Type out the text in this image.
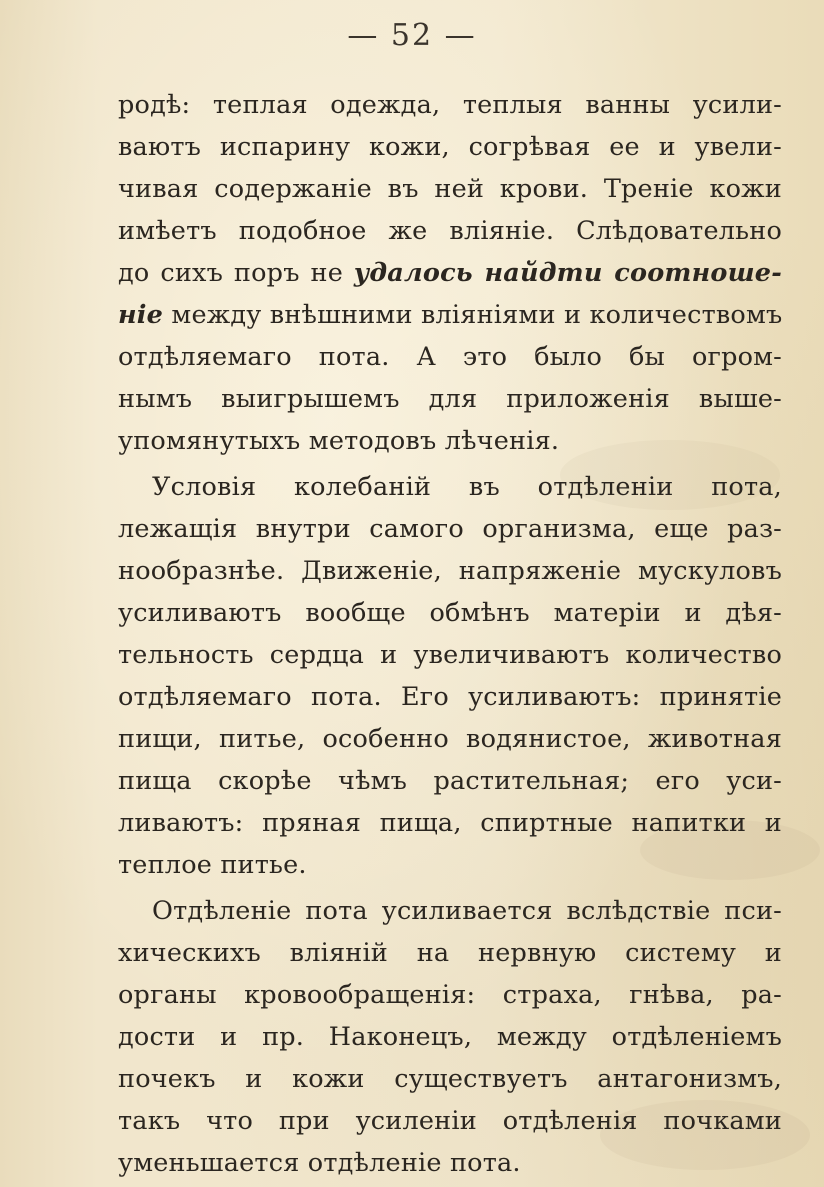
— 52 —
родѣ: теплая одежда, теплыя ванны усили-
ваютъ испарину кожи, согрѣвая ее и увели-
чивая содержаніе въ ней крови. Треніе кожи
имѣетъ подобное же вліяніе. Слѣдовательно
до сихъ поръ не удалось найдти соотноше-
ніе между внѣшними вліяніями и количествомъ
отдѣляемаго пота. А это было бы огром-
нымъ выигрышемъ для приложенія выше-
упомянутыхъ методовъ лѣченія.
Условія колебаній въ отдѣленіи пота,
лежащія внутри самого организма, еще раз-
нообразнѣе. Движеніе, напряженіе мускуловъ
усиливаютъ вообще обмѣнъ матеріи и дѣя-
тельность сердца и увеличиваютъ количество
отдѣляемаго пота. Его усиливаютъ: принятіе
пищи, питье, особенно водянистое, животная
пища скорѣе чѣмъ растительная; его уси-
ливаютъ: пряная пища, спиртные напитки и
теплое питье.
Отдѣленіе пота усиливается вслѣдствіе пси-
хическихъ вліяній на нервную систему и
органы кровообращенія: страха, гнѣва, ра-
дости и пр. Наконецъ, между отдѣленіемъ
почекъ и кожи существуетъ антагонизмъ,
такъ что при усиленіи отдѣленія почками
уменьшается отдѣленіе пота.
